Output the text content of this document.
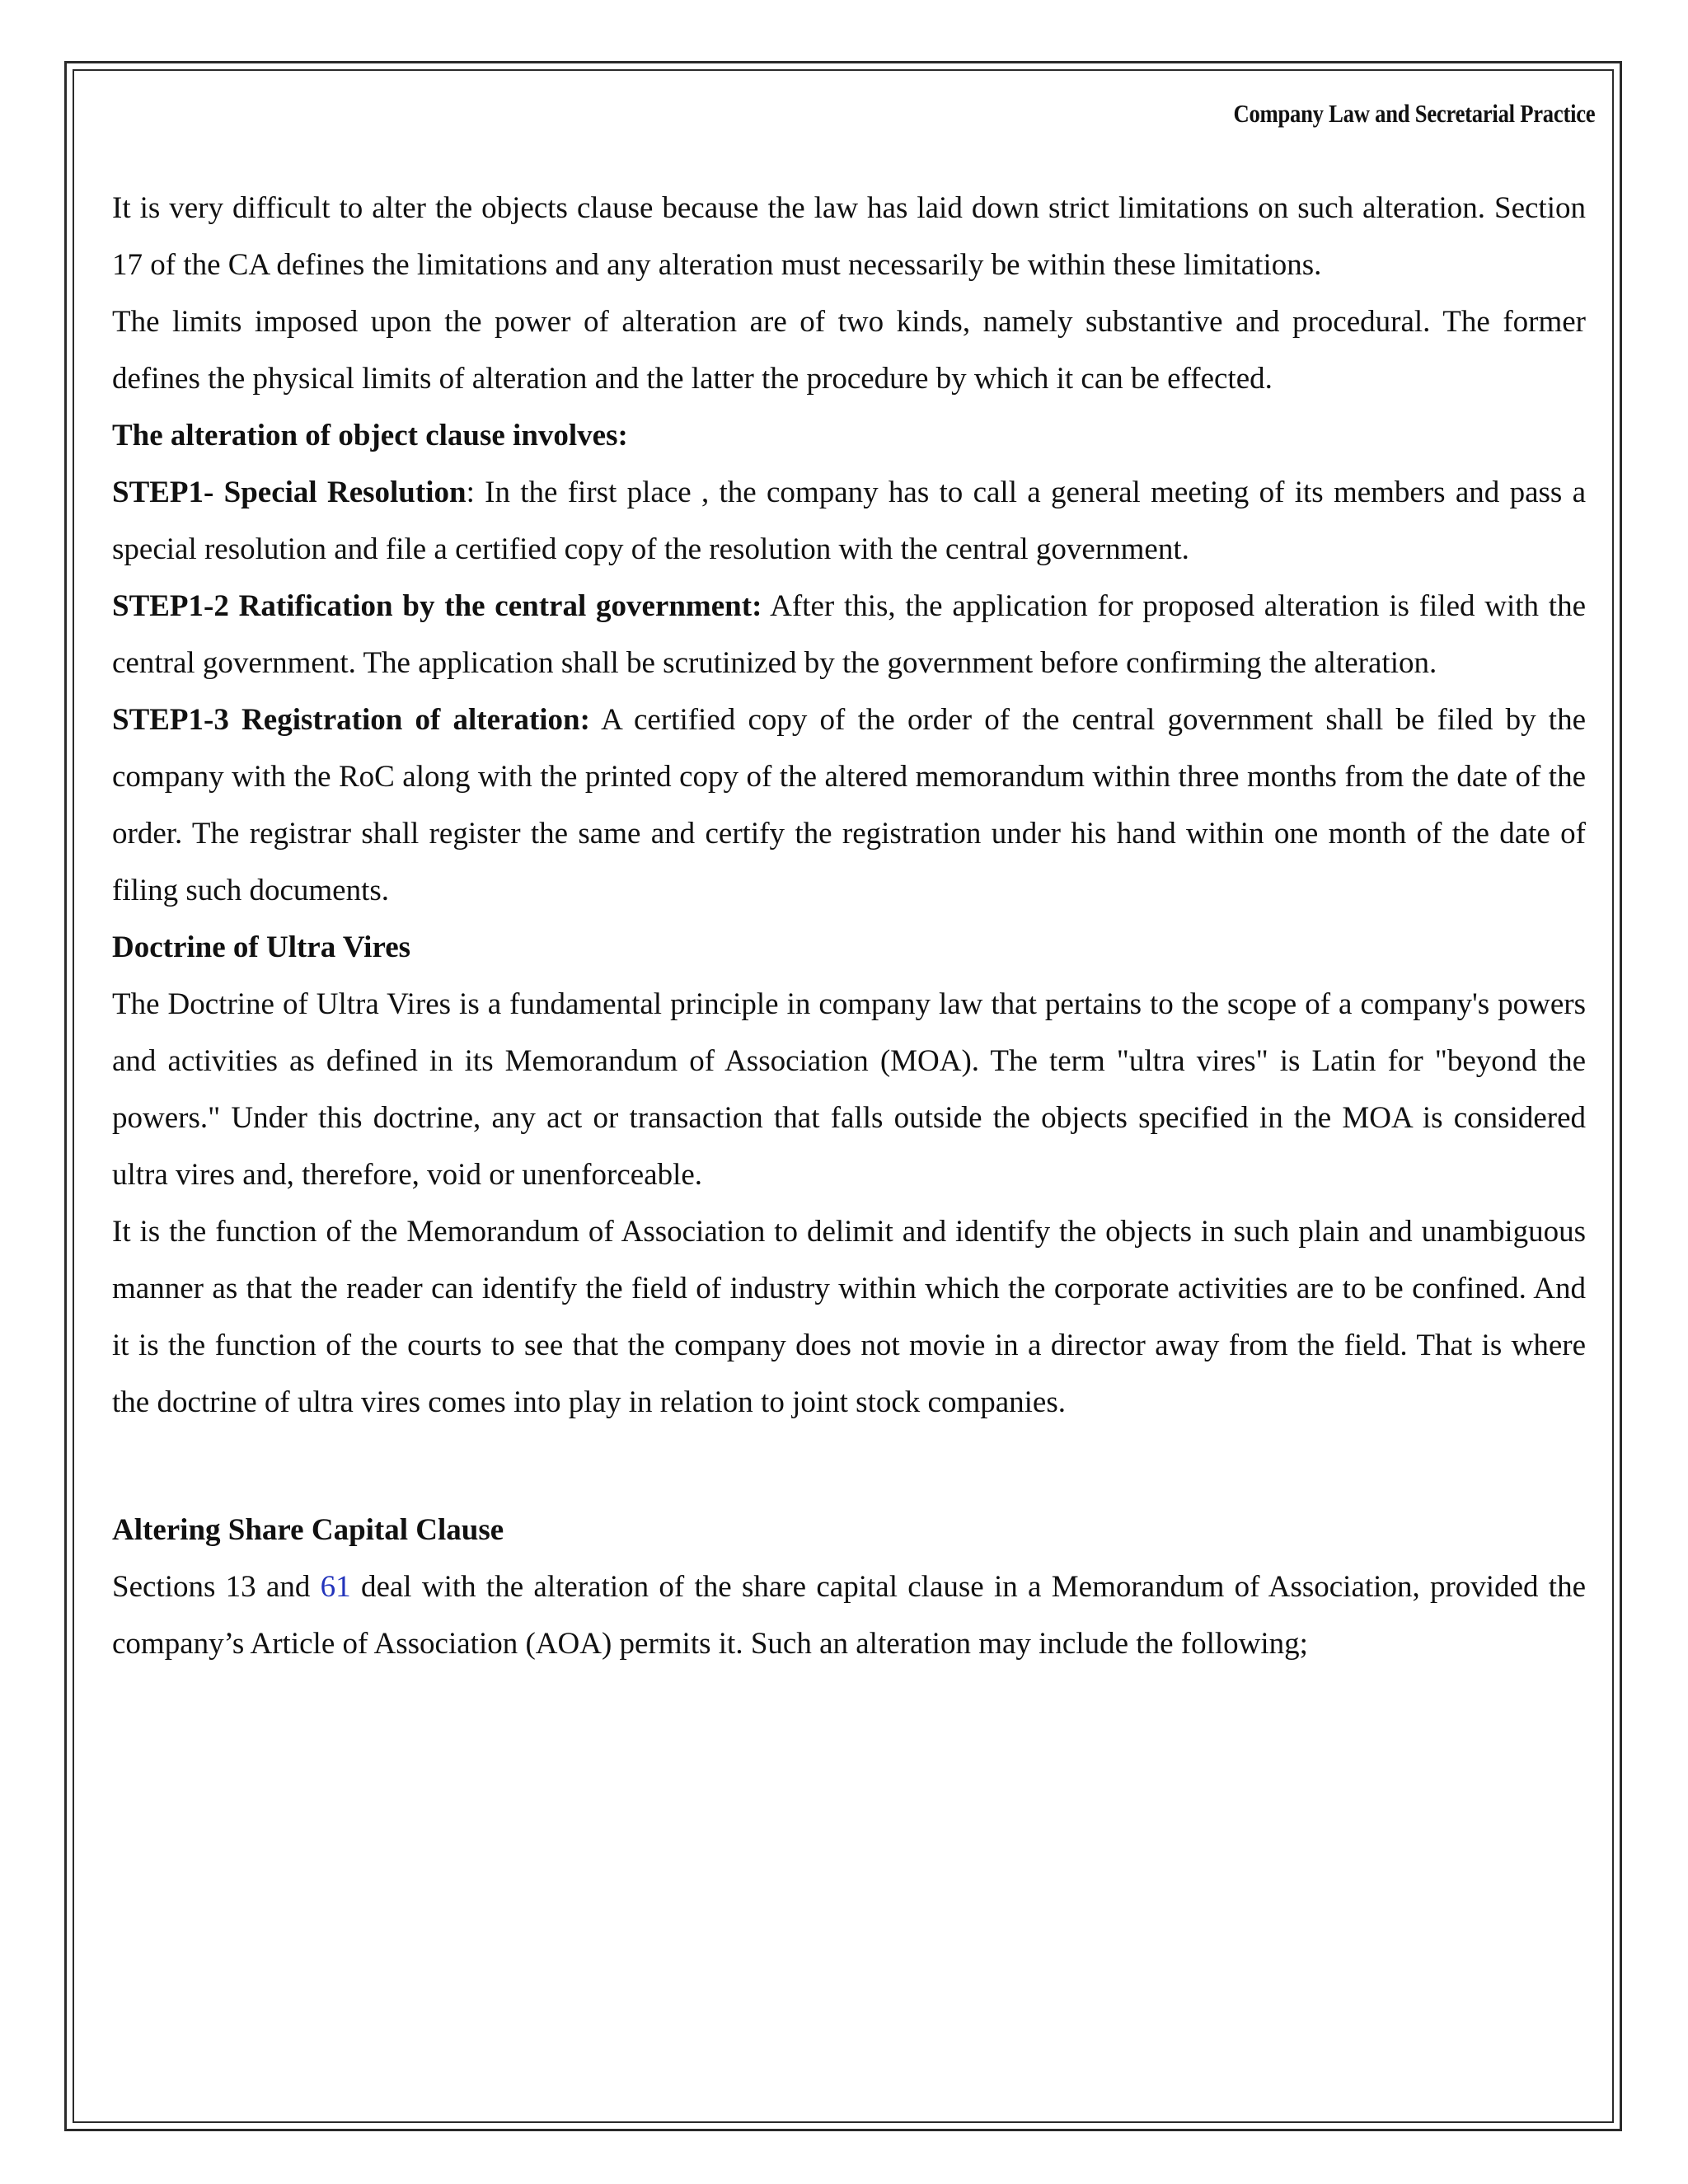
Company Law and Secretarial Practice

It is very difficult to alter the objects clause because the law has laid down strict limitations on such alteration. Section 17 of the CA defines the limitations and any alteration must necessarily be within these limitations.

The limits imposed upon the power of alteration are of two kinds, namely substantive and procedural. The former defines the physical limits of alteration and the latter the procedure by which it can be effected.

The alteration of object clause involves:

STEP1- Special Resolution: In the first place , the company has to call a general meeting of its members and pass a special resolution and file a certified copy of the resolution with the central government.

STEP1-2 Ratification by the central government: After this, the application for proposed alteration is filed with the central government. The application shall be scrutinized by the government before confirming the alteration.

STEP1-3 Registration of alteration: A certified copy of the order of the central government shall be filed by the company with the RoC along with the printed copy of the altered memorandum within three months from the date of the order. The registrar shall register the same and certify the registration under his hand within one month of the date of filing such documents.

Doctrine of Ultra Vires

The Doctrine of Ultra Vires is a fundamental principle in company law that pertains to the scope of a company's powers and activities as defined in its Memorandum of Association (MOA). The term "ultra vires" is Latin for "beyond the powers." Under this doctrine, any act or transaction that falls outside the objects specified in the MOA is considered ultra vires and, therefore, void or unenforceable.

It is the function of the Memorandum of Association to delimit and identify the objects in such plain and unambiguous manner as that the reader can identify the field of industry within which the corporate activities are to be confined. And it is the function of the courts to see that the company does not movie in a director away from the field. That is where the doctrine of ultra vires comes into play in relation to joint stock companies.

Altering Share Capital Clause

Sections 13 and 61 deal with the alteration of the share capital clause in a Memorandum of Association, provided the company’s Article of Association (AOA) permits it. Such an alteration may include the following;
